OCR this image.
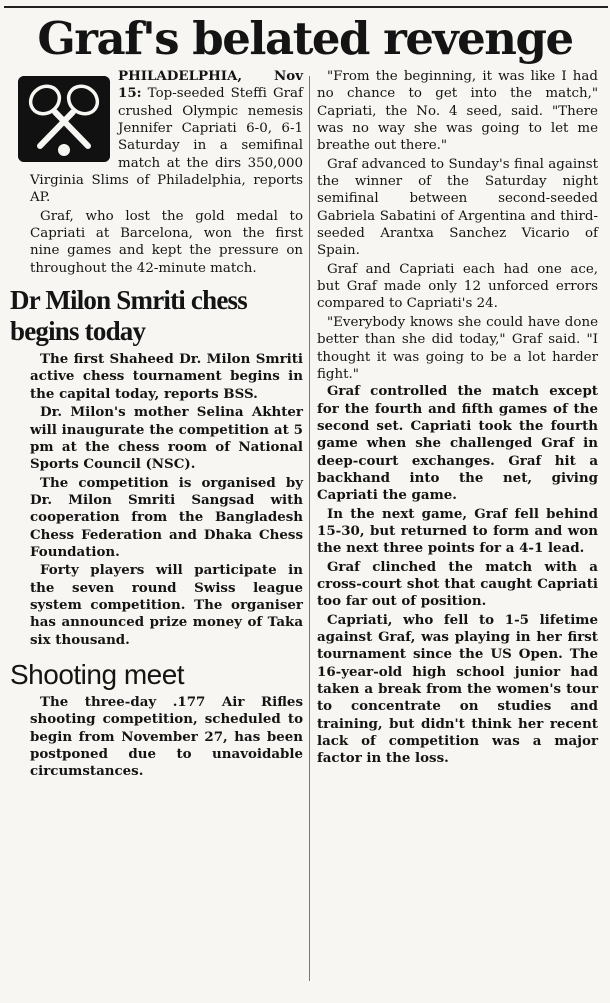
Graf's belated revenge

PHILADELPHIA, Nov 15: Top-seeded Steffi Graf crushed Olympic nemesis Jennifer Capriati 6-0, 6-1 Saturday in a semifinal match at the dirs 350,000 Virginia Slims of Philadelphia, reports AP.

Graf, who lost the gold medal to Capriati at Barcelona, won the first nine games and kept the pressure on throughout the 42-minute match.

Dr Milon Smriti chess begins today

The first Shaheed Dr. Milon Smriti active chess tournament begins in the capital today, reports BSS.

Dr. Milon's mother Selina Akhter will inaugurate the competition at 5 pm at the chess room of National Sports Council (NSC).

The competition is organised by Dr. Milon Smriti Sangsad with cooperation from the Bangladesh Chess Federation and Dhaka Chess Foundation.

Forty players will participate in the seven round Swiss league system competition. The organiser has announced prize money of Taka six thousand.

Shooting meet

The three-day .177 Air Rifles shooting competition, scheduled to begin from November 27, has been postponed due to unavoidable circumstances.

"From the beginning, it was like I had no chance to get into the match," Capriati, the No. 4 seed, said. "There was no way she was going to let me breathe out there."

Graf advanced to Sunday's final against the winner of the Saturday night semifinal between second-seeded Gabriela Sabatini of Argentina and third-seeded Arantxa Sanchez Vicario of Spain.

Graf and Capriati each had one ace, but Graf made only 12 unforced errors compared to Capriati's 24.

"Everybody knows she could have done better than she did today," Graf said. "I thought it was going to be a lot harder fight."

Graf controlled the match except for the fourth and fifth games of the second set. Capriati took the fourth game when she challenged Graf in deep-court exchanges. Graf hit a backhand into the net, giving Capriati the game.

In the next game, Graf fell behind 15-30, but returned to form and won the next three points for a 4-1 lead.

Graf clinched the match with a cross-court shot that caught Capriati too far out of position.

Capriati, who fell to 1-5 lifetime against Graf, was playing in her first tournament since the US Open. The 16-year-old high school junior had taken a break from the women's tour to concentrate on studies and training, but didn't think her recent lack of competition was a major factor in the loss.
